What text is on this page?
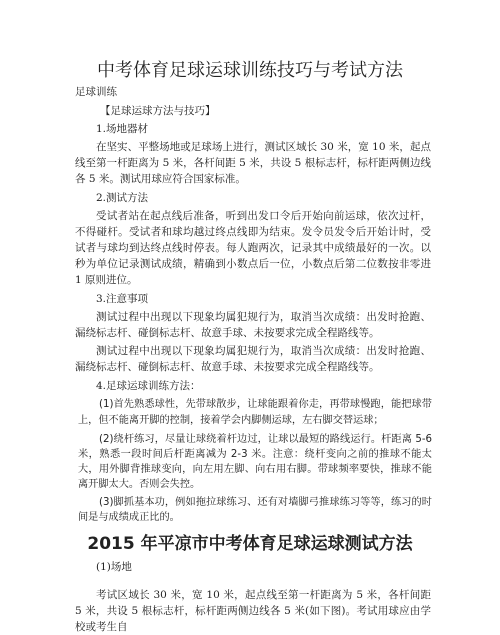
中考体育足球运球训练技巧与考试方法
足球训练
【足球运球方法与技巧】
1.场地器材
在坚实、平整场地或足球场上进行，测试区域长 30 米，宽 10 米，起点线至第一杆距离为 5 米，各杆间距 5 米，共设 5 根标志杆，标杆距两侧边线各 5 米。测试用球应符合国家标准。
2.测试方法
受试者站在起点线后准备，听到出发口令后开始向前运球，依次过杆，不得碰杆。受试者和球均越过终点线即为结束。发令员发令后开始计时，受试者与球均到达终点线时停表。每人跑两次，记录其中成绩最好的一次。以秒为单位记录测试成绩，精确到小数点后一位，小数点后第二位数按非零进 1 原则进位。
3.注意事项
测试过程中出现以下现象均属犯规行为，取消当次成绩：出发时抢跑、漏绕标志杆、碰倒标志杆、故意手球、未按要求完成全程路线等。
测试过程中出现以下现象均属犯规行为，取消当次成绩：出发时抢跑、漏绕标志杆、碰倒标志杆、故意手球、未按要求完成全程路线等。
4.足球运球训练方法：
(1)首先熟悉球性，先带球散步，让球能跟着你走，再带球慢跑，能把球带上，但不能离开脚的控制，接着学会内脚侧运球，左右脚交替运球；
(2)绕杆练习，尽量让球绕着杆边过，让球以最短的路线运行。杆距离 5-6 米，熟悉一段时间后杆距离减为 2-3 米。注意：绕杆变向之前的推球不能太大，用外脚背推球变向，向左用左脚、向右用右脚。带球频率要快，推球不能离开脚太大。否则会失控。
2015 年平凉市中考体育足球运球测试方法
(1)场地
考试区域长 30 米，宽 10 米，起点线至第一杆距离为 5 米，各杆间距 5 米，共设 5 根标志杆，标杆距两侧边线各 5 米(如下图)。考试用球应由学校或考生自
(3)脚抓基本功，例如拖拉球练习、还有对墙脚弓推球练习等等，练习的时间是与成绩成正比的。
